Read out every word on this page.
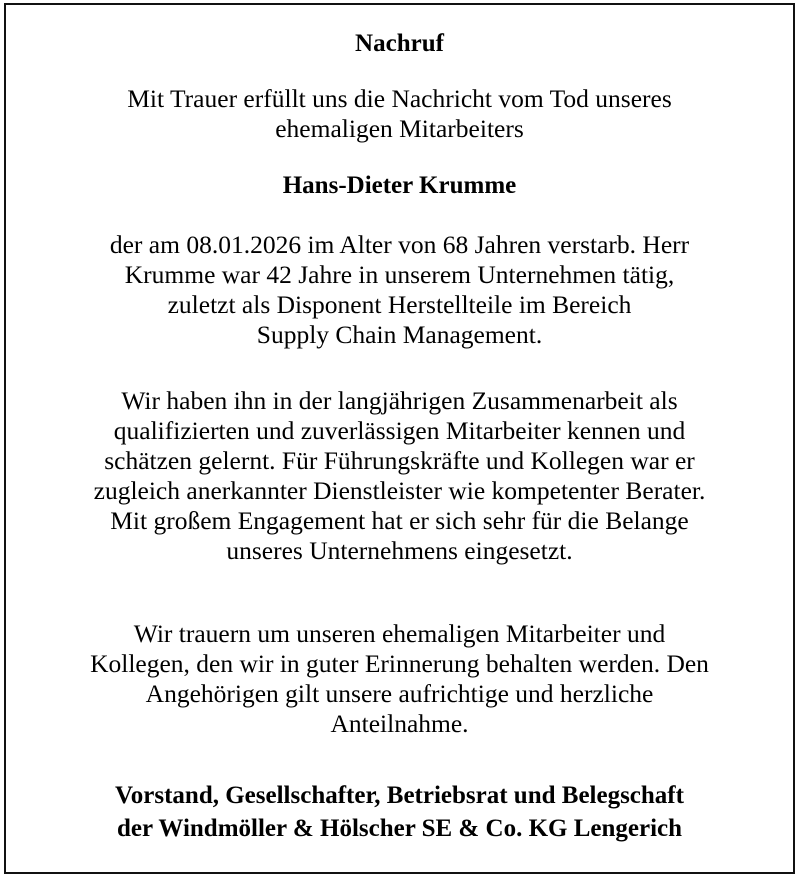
Nachruf
Mit Trauer erfüllt uns die Nachricht vom Tod unseres
ehemaligen Mitarbeiters
Hans-Dieter Krumme
der am 08.01.2026 im Alter von 68 Jahren verstarb. Herr
Krumme war 42 Jahre in unserem Unternehmen tätig,
zuletzt als Disponent Herstellteile im Bereich
Supply Chain Management.
Wir haben ihn in der langjährigen Zusammenarbeit als
qualifizierten und zuverlässigen Mitarbeiter kennen und
schätzen gelernt. Für Führungskräfte und Kollegen war er
zugleich anerkannter Dienstleister wie kompetenter Berater.
Mit großem Engagement hat er sich sehr für die Belange
unseres Unternehmens eingesetzt.
Wir trauern um unseren ehemaligen Mitarbeiter und
Kollegen, den wir in guter Erinnerung behalten werden. Den
Angehörigen gilt unsere aufrichtige und herzliche
Anteilnahme.
Vorstand, Gesellschafter, Betriebsrat und Belegschaft
der Windmöller & Hölscher SE & Co. KG Lengerich
